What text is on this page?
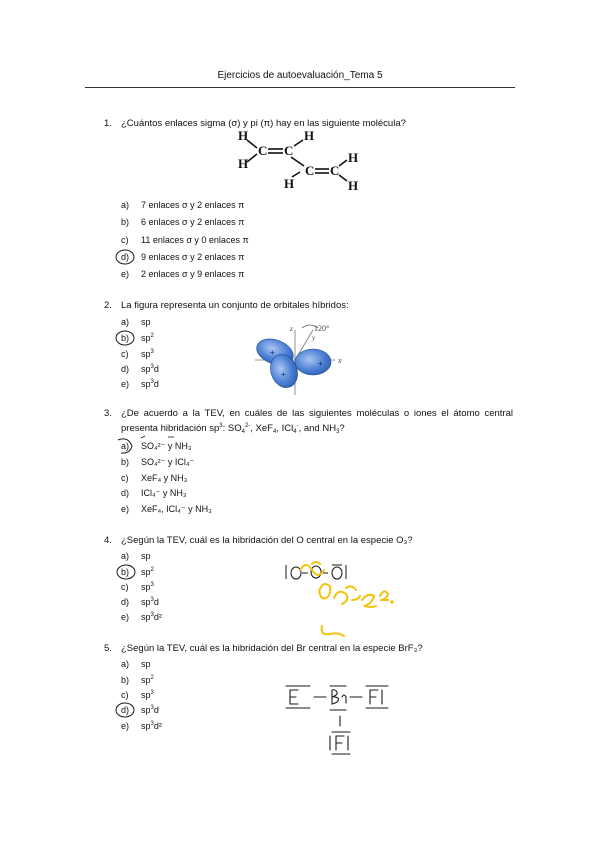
Ejercicios de autoevaluación_Tema 5
1. ¿Cuántos enlaces sigma (σ) y pi (π) hay en las siguiente molécula?
H
H
C C
H
C
H
C
H
H
a) 7 enlaces σ y 2 enlaces π
b) 6 enlaces σ y 2 enlaces π
c) 11 enlaces σ y 0 enlaces π
d) 9 enlaces σ y 2 enlaces π
e) 2 enlaces σ y 9 enlaces π
2. La figura representa un conjunto de orbitales híbridos:
a) sp
b) $sp^2$
c) $sp^3$
d) $sp^3d$
e) $sp^3d$
120°
x
y
z
+
+
+
3. ¿De acuerdo a la TEV, en cuáles de las siguientes moléculas o iones el átomo central
presenta hibridación $sp^3$: $SO_4^{2-}$, XeF$_4$, ICl$_4$-, and $NH_3$?
a) SO₄²⁻ y NH₃
b) SO₄²⁻ y ICl₄⁻
c) XeF₄ y NH₃
d) ICl₄⁻ y NH₃
e) XeF₄, ICl₄⁻ y NH₃
4. ¿Según la TEV, cuál es la hibridación del O central en la especie O₃?
a) sp
b) $sp^2$
c) $sp^3$
d) $sp^3d$
e) $sp^3d^2$
5. ¿Según la TEV, cuál es la hibridación del Br central en la especie BrF₃?
a) sp
b) $sp^2$
c) $sp^3$
d) $sp^3d$
e) $sp^3d^2$
